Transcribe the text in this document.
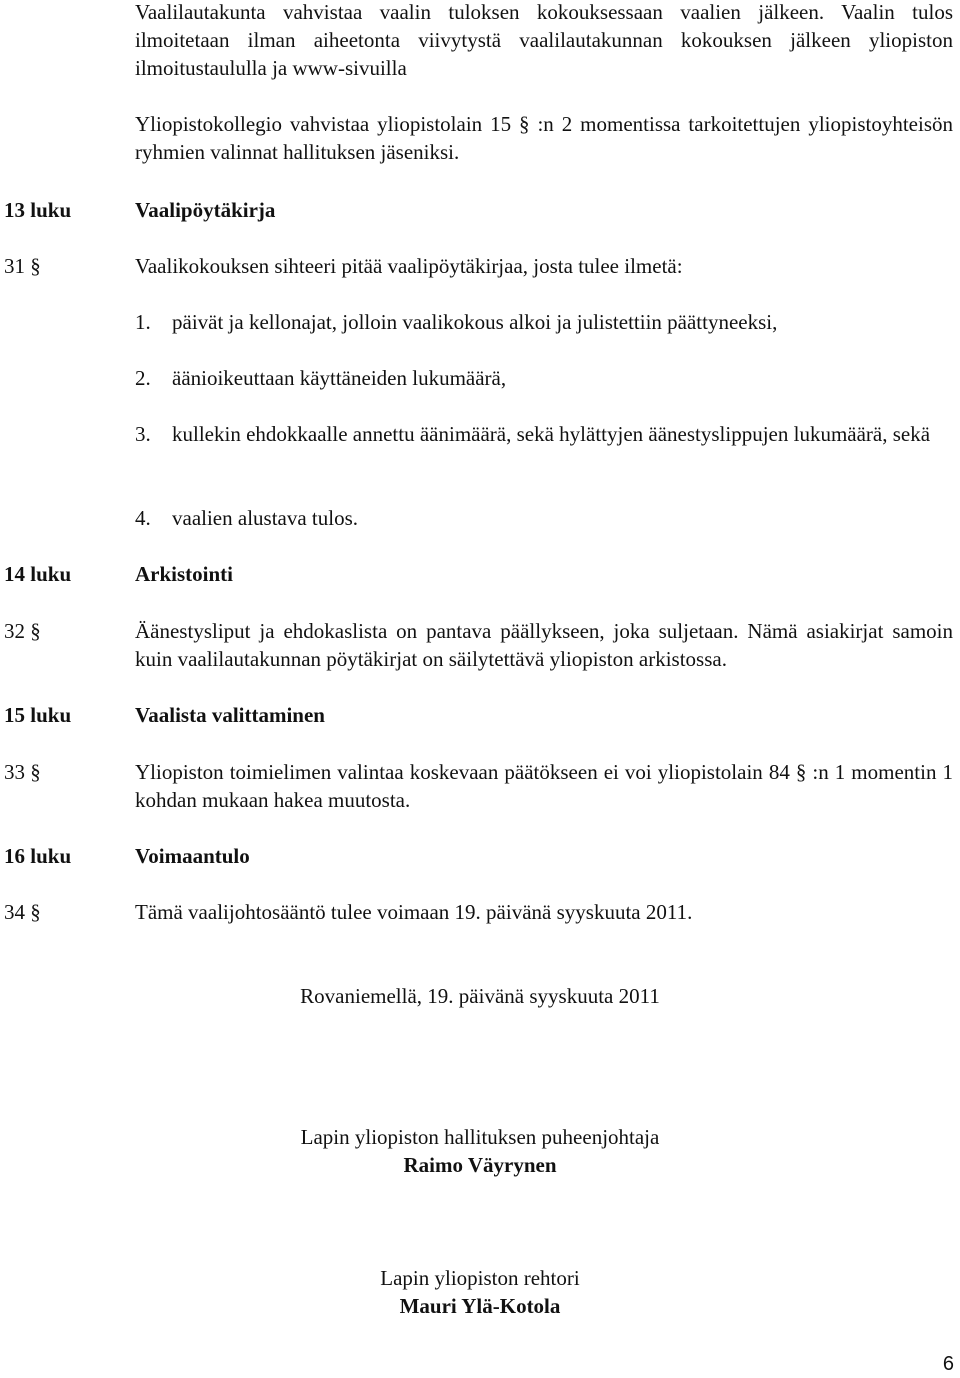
Vaalilautakunta vahvistaa vaalin tuloksen kokouksessaan vaalien jälkeen. Vaalin tulos ilmoitetaan ilman aiheetonta viivytystä vaalilautakunnan kokouksen jälkeen yliopiston ilmoitustaululla ja www-sivuilla

Yliopistokollegio vahvistaa yliopistolain 15 § :n 2 momentissa tarkoitettujen yliopistoyhteisön ryhmien valinnat hallituksen jäseniksi.

13 luku	Vaalipöytäkirja
31 §	Vaalikokouksen sihteeri pitää vaalipöytäkirjaa, josta tulee ilmetä:
1. päivät ja kellonajat, jolloin vaalikokous alkoi ja julistettiin päättyneeksi,
2. äänioikeuttaan käyttäneiden lukumäärä,
3. kullekin ehdokkaalle annettu äänimäärä, sekä hylättyjen äänestyslippujen lukumäärä, sekä
4. vaalien alustava tulos.
14 luku	Arkistointi
32 §	Äänestysliput ja ehdokaslista on pantava päällykseen, joka suljetaan. Nämä asiakirjat samoin kuin vaalilautakunnan pöytäkirjat on säilytettävä yliopiston arkistossa.
15 luku	Vaalista valittaminen
33 §	Yliopiston toimielimen valintaa koskevaan päätökseen ei voi yliopistolain 84 § :n 1 momentin 1 kohdan mukaan hakea muutosta.
16 luku	Voimaantulo
34 §	Tämä vaalijohtosääntö tulee voimaan 19. päivänä syyskuuta 2011.
Rovaniemellä, 19. päivänä syyskuuta 2011
Lapin yliopiston hallituksen puheenjohtaja
Raimo Väyrynen
Lapin yliopiston rehtori
Mauri Ylä-Kotola
6
